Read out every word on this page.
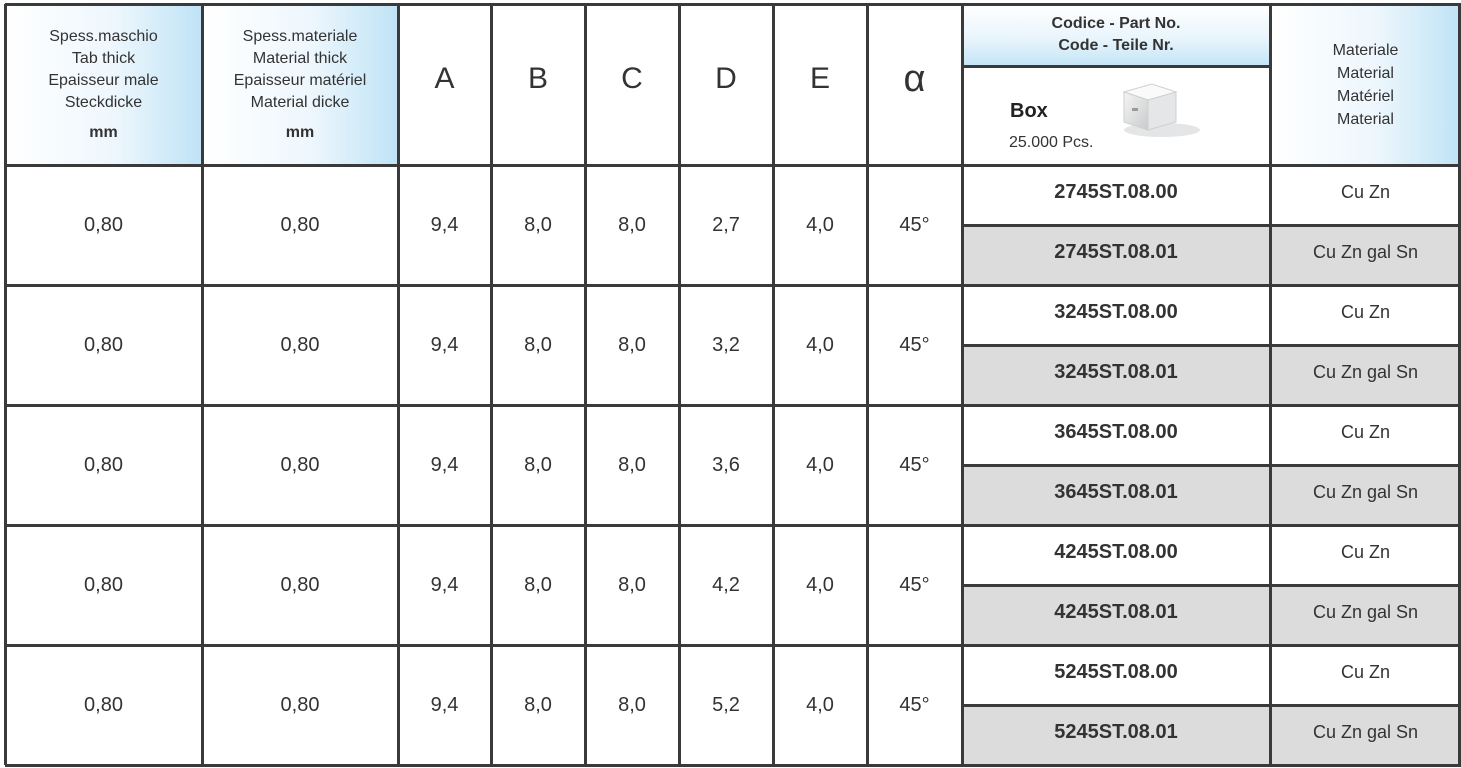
Spess.maschio
Tab thick
Epaisseur male
Steckdicke
mm
Spess.materiale
Material thick
Epaisseur matériel
Material dicke
mm
A B C D E α
Codice - Part No.
Code - Teile Nr.
Box
25.000 Pcs.
Materiale
Material
Matériel
Material
0,80	0,80	9,4	8,0	8,0	2,7	4,0	45°
2745ST.08.00	Cu Zn
2745ST.08.01	Cu Zn gal Sn
0,80	0,80	9,4	8,0	8,0	3,2	4,0	45°
3245ST.08.00	Cu Zn
3245ST.08.01	Cu Zn gal Sn
0,80	0,80	9,4	8,0	8,0	3,6	4,0	45°
3645ST.08.00	Cu Zn
3645ST.08.01	Cu Zn gal Sn
0,80	0,80	9,4	8,0	8,0	4,2	4,0	45°
4245ST.08.00	Cu Zn
4245ST.08.01	Cu Zn gal Sn
0,80	0,80	9,4	8,0	8,0	5,2	4,0	45°
5245ST.08.00	Cu Zn
5245ST.08.01	Cu Zn gal Sn
